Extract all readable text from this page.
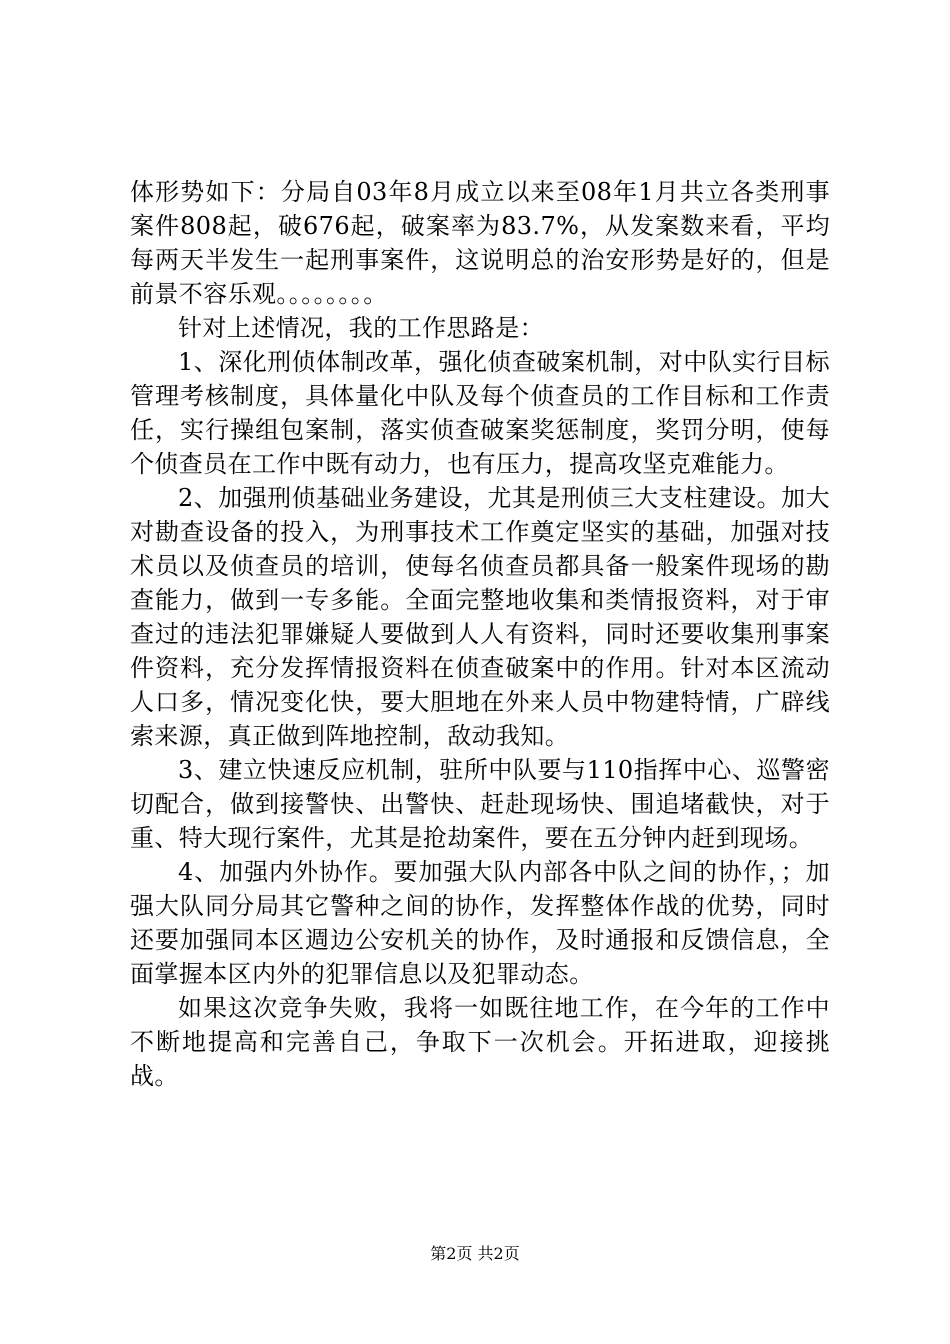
体形势如下：分局自03年8月成立以来至08年1月共立各类刑事案件808起，破676起，破案率为83.7%，从发案数来看，平均每两天半发生一起刑事案件，这说明总的治安形势是好的，但是前景不容乐观。。。。。。。。

针对上述情况，我的工作思路是：

1、深化刑侦体制改革，强化侦查破案机制，对中队实行目标管理考核制度，具体量化中队及每个侦查员的工作目标和工作责任，实行操组包案制，落实侦查破案奖惩制度，奖罚分明，使每个侦查员在工作中既有动力，也有压力，提高攻坚克难能力。

2、加强刑侦基础业务建设，尤其是刑侦三大支柱建设。加大对勘查设备的投入，为刑事技术工作奠定坚实的基础，加强对技术员以及侦查员的培训，使每名侦查员都具备一般案件现场的勘查能力，做到一专多能。全面完整地收集和类情报资料，对于审查过的违法犯罪嫌疑人要做到人人有资料，同时还要收集刑事案件资料，充分发挥情报资料在侦查破案中的作用。针对本区流动人口多，情况变化快，要大胆地在外来人员中物建特情，广辟线索来源，真正做到阵地控制，敌动我知。

3、建立快速反应机制，驻所中队要与110指挥中心、巡警密切配合，做到接警快、出警快、赶赴现场快、围追堵截快，对于重、特大现行案件，尤其是抢劫案件，要在五分钟内赶到现场。

4、加强内外协作。要加强大队内部各中队之间的协作，；加强大队同分局其它警种之间的协作，发挥整体作战的优势，同时还要加强同本区週边公安机关的协作，及时通报和反馈信息，全面掌握本区内外的犯罪信息以及犯罪动态。

如果这次竞争失败，我将一如既往地工作，在今年的工作中不断地提高和完善自己，争取下一次机会。开拓进取，迎接挑战。

第2页 共2页
